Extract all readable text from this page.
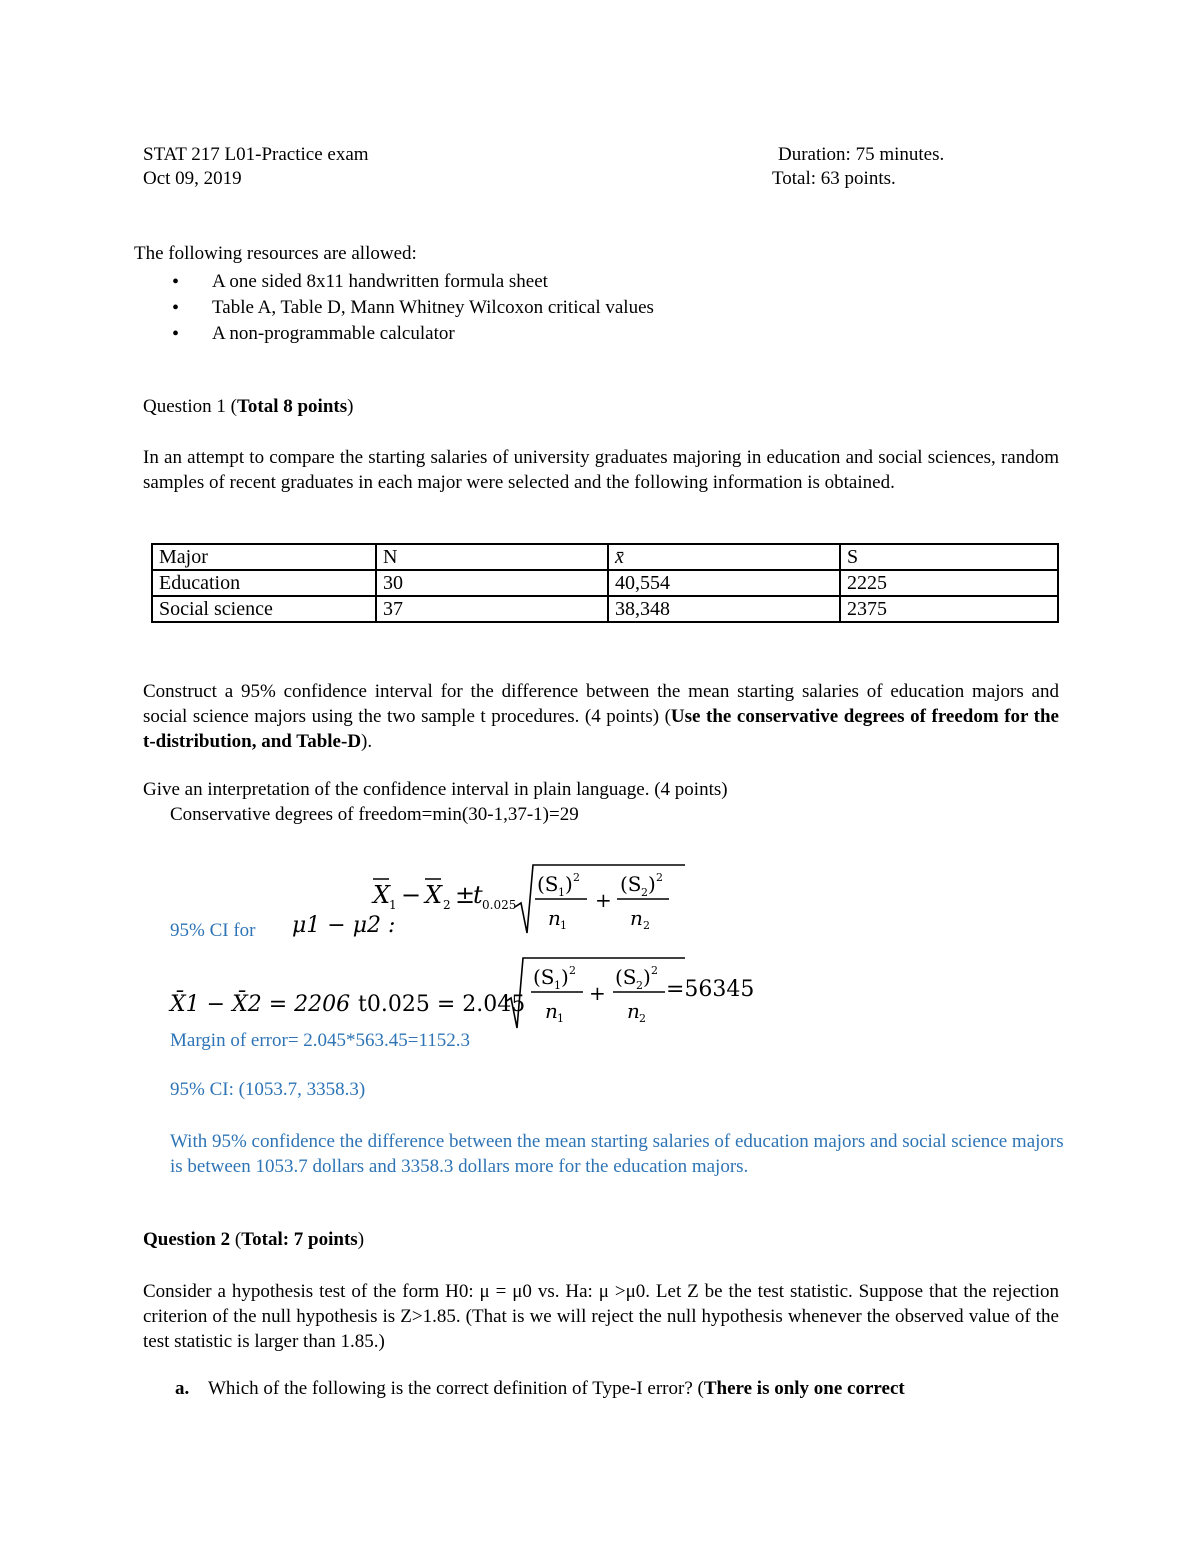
STAT 217 L01-Practice exam
Oct 09, 2019
Duration: 75 minutes.
Total: 63 points.
The following resources are allowed:
• A one sided 8x11 handwritten formula sheet
• Table A, Table D, Mann Whitney Wilcoxon critical values
• A non-programmable calculator
Question 1 (Total 8 points)
In an attempt to compare the starting salaries of university graduates majoring in education and social sciences, random samples of recent graduates in each major were selected and the following information is obtained.
Major	N	x̄	S
Education	30	40,554	2225
Social science	37	38,348	2375
Construct a 95% confidence interval for the difference between the mean starting salaries of education majors and social science majors using the two sample t procedures. (4 points) (Use the conservative degrees of freedom for the t-distribution, and Table-D).
Give an interpretation of the confidence interval in plain language. (4 points)
Conservative degrees of freedom=min(30-1,37-1)=29
95% CI for μ1 − μ2 :
X
1 − X 2 ±
t 0.025
(S 1 ) 2
n 1
+
(S 2 ) 2
n 2
X̄1 − X̄2 = 2206 t0.025 = 2.045
(S 1 ) 2
n 1
+
(S 2 ) 2
n 2
=56345
Margin of error= 2.045*563.45=1152.3
95% CI: (1053.7, 3358.3)
With 95% confidence the difference between the mean starting salaries of education majors and social science majors is between 1053.7 dollars and 3358.3 dollars more for the education majors.
Question 2 (Total: 7 points)
Consider a hypothesis test of the form H0: μ = μ0 vs. Ha: μ >μ0. Let Z be the test statistic. Suppose that the rejection criterion of the null hypothesis is Z>1.85. (That is we will reject the null hypothesis whenever the observed value of the test statistic is larger than 1.85.)
a. Which of the following is the correct definition of Type-I error? (There is only one correct
